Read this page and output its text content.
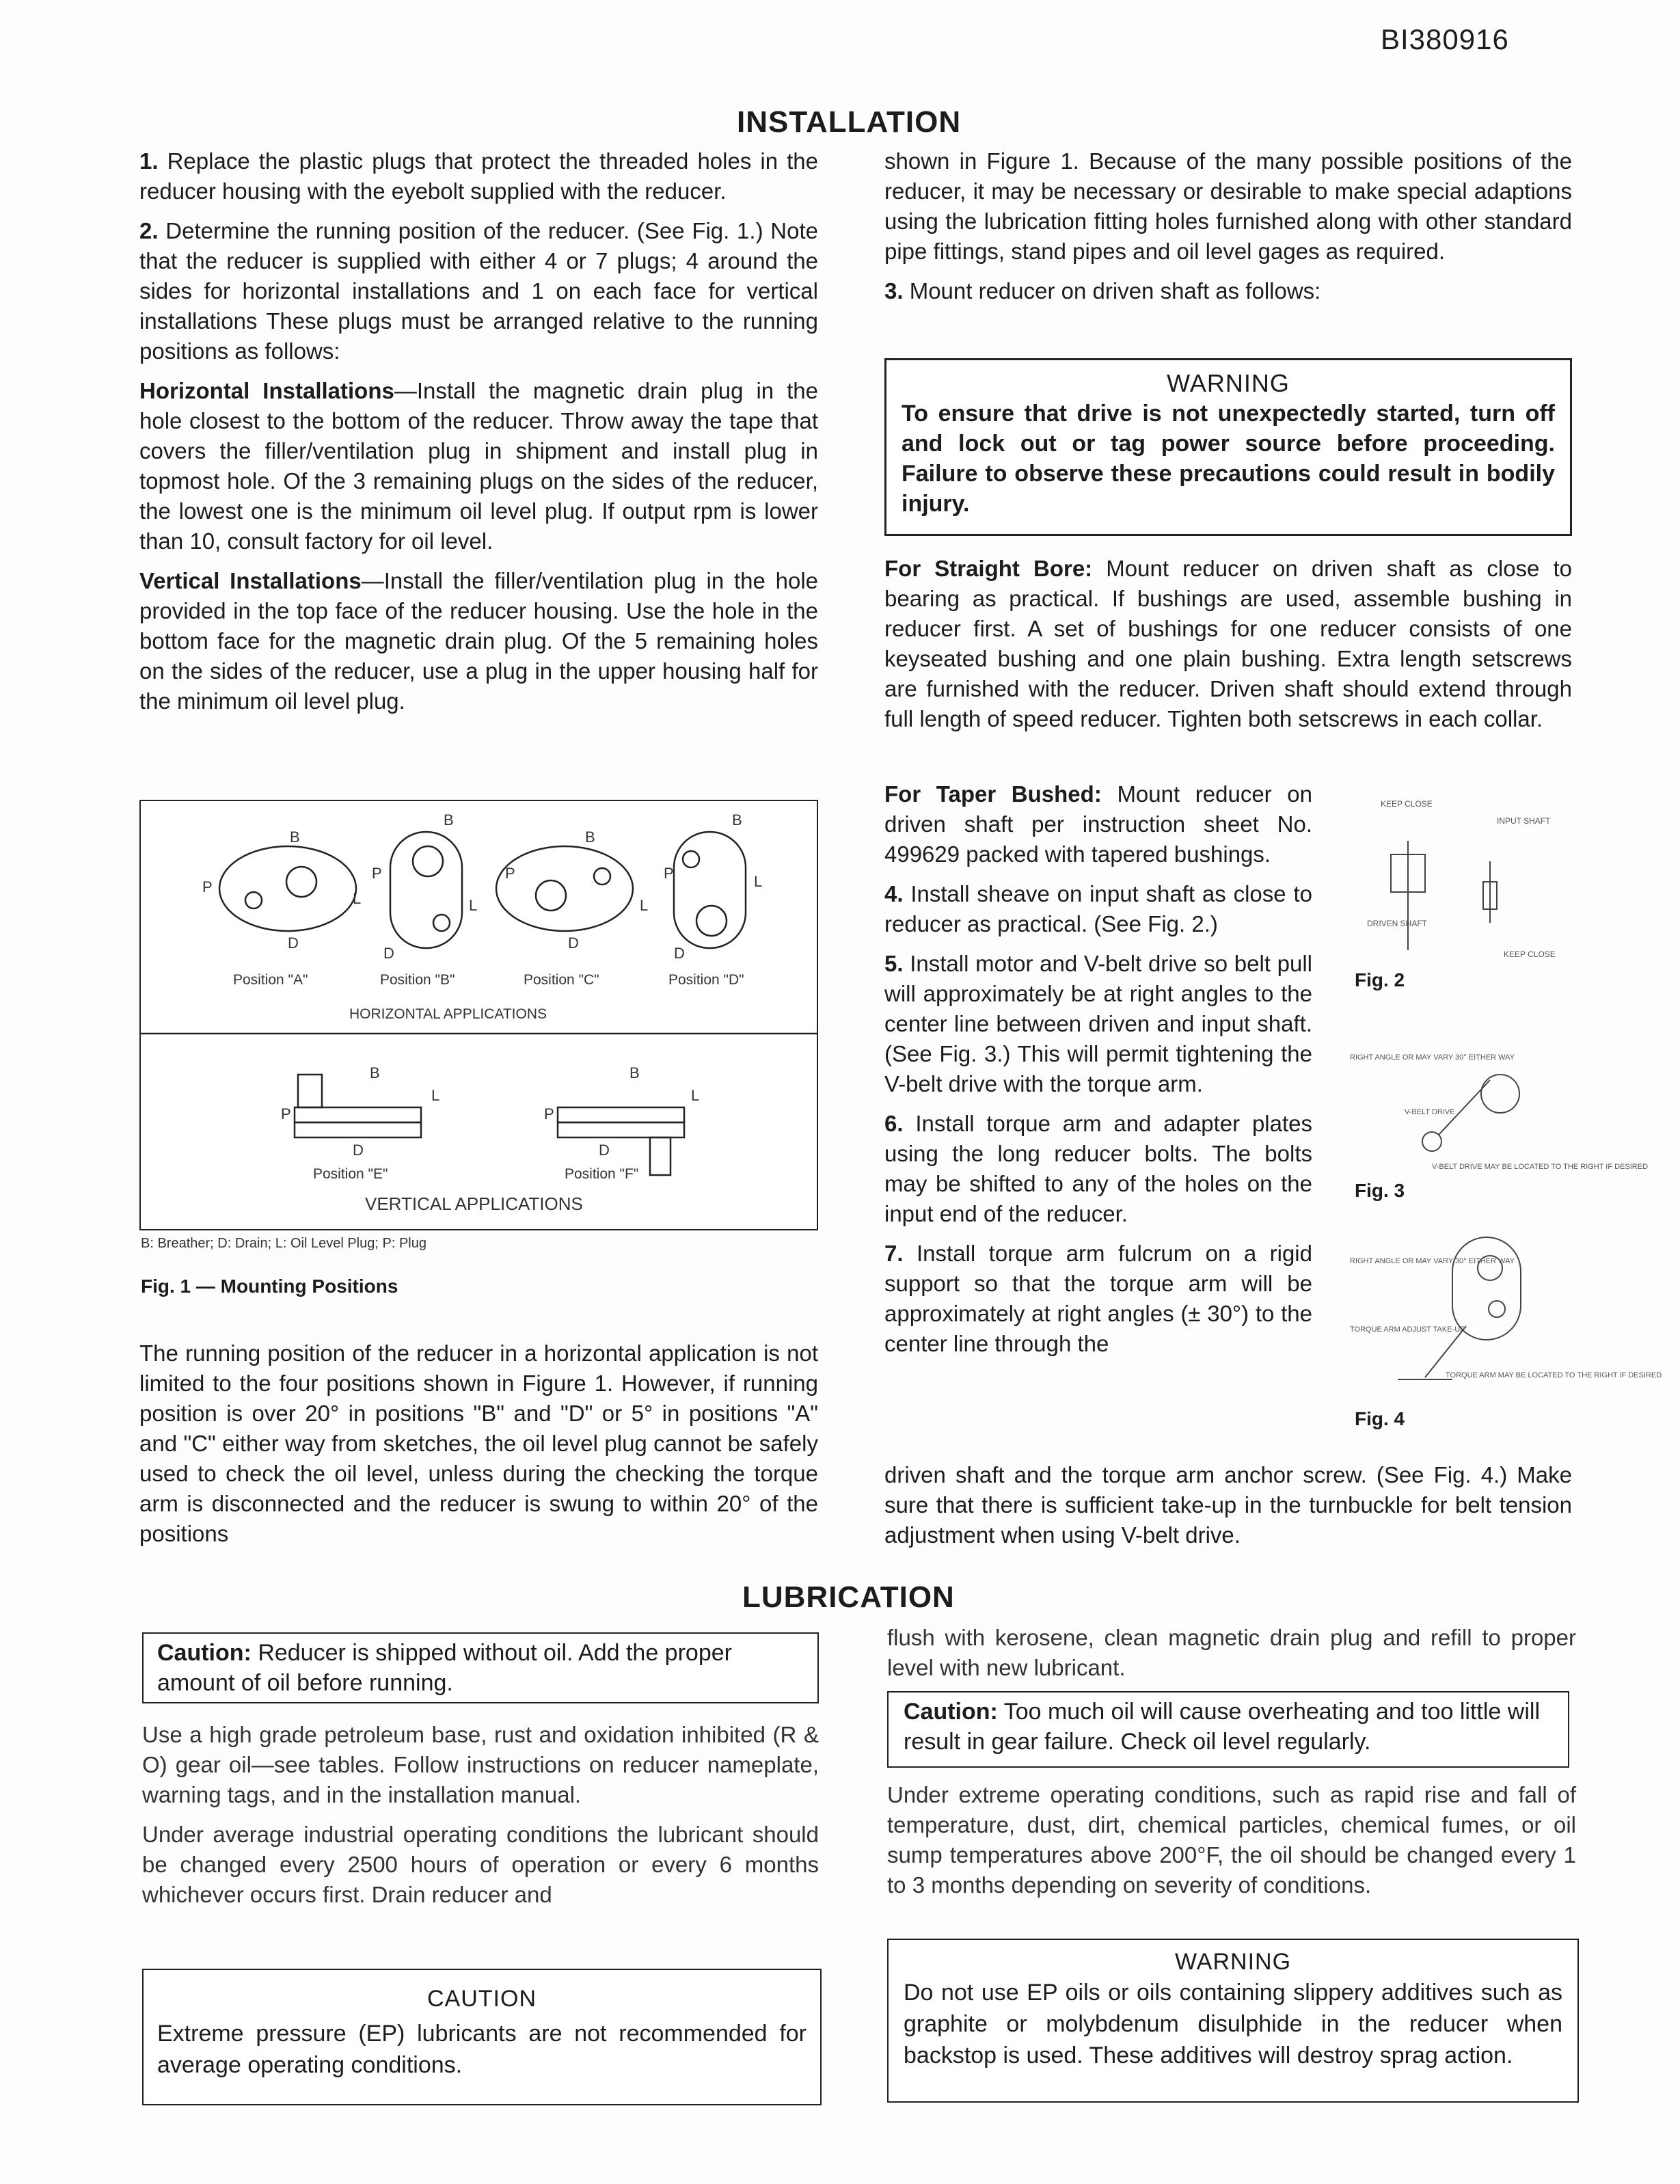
BI380916
INSTALLATION

1. Replace the plastic plugs that protect the threaded holes in the reducer housing with the eyebolt supplied with the reducer.

2. Determine the running position of the reducer. (See Fig. 1.) Note that the reducer is supplied with either 4 or 7 plugs; 4 around the sides for horizontal installations and 1 on each face for vertical installations These plugs must be arranged relative to the running positions as follows:

Horizontal Installations—Install the magnetic drain plug in the hole closest to the bottom of the reducer. Throw away the tape that covers the filler/ventilation plug in shipment and install plug in topmost hole. Of the 3 remaining plugs on the sides of the reducer, the lowest one is the minimum oil level plug. If output rpm is lower than 10, consult factory for oil level.

Vertical Installations—Install the filler/ventilation plug in the hole provided in the top face of the reducer housing. Use the hole in the bottom face for the magnetic drain plug. Of the 5 remaining holes on the sides of the reducer, use a plug in the upper housing half for the minimum oil level plug.

B
P
L
D
B
P
L
D
B
P
L
D
B
P	L
D
B
P
L
D
B
P
L
D
Position "A"	Position "B"	Position "C"	Position "D"
HORIZONTAL APPLICATIONS
Position "E"	Position "F"
VERTICAL APPLICATIONS
B: Breather; D: Drain; L: Oil Level Plug; P: Plug
Fig. 1 — Mounting Positions

The running position of the reducer in a horizontal application is not limited to the four positions shown in Figure 1. However, if running position is over 20° in positions "B" and "D" or 5° in positions "A" and "C" either way from sketches, the oil level plug cannot be safely used to check the oil level, unless during the checking the torque arm is disconnected and the reducer is swung to within 20° of the positions

shown in Figure 1. Because of the many possible positions of the reducer, it may be necessary or desirable to make special adaptions using the lubrication fitting holes furnished along with other standard pipe fittings, stand pipes and oil level gages as required.

3. Mount reducer on driven shaft as follows:

WARNING
To ensure that drive is not unexpectedly started, turn off and lock out or tag power source before proceeding. Failure to observe these precautions could result in bodily injury.

For Straight Bore: Mount reducer on driven shaft as close to bearing as practical. If bushings are used, assemble bushing in reducer first. A set of bushings for one reducer consists of one keyseated bushing and one plain bushing. Extra length setscrews are furnished with the reducer. Driven shaft should extend through full length of speed reducer. Tighten both setscrews in each collar.

For Taper Bushed: Mount reducer on driven shaft per instruction sheet No. 499629 packed with tapered bushings.

4. Install sheave on input shaft as close to reducer as practical. (See Fig. 2.)

5. Install motor and V-belt drive so belt pull will approximately be at right angles to the center line between driven and input shaft. (See Fig. 3.) This will permit tightening the V-belt drive with the torque arm.

6. Install torque arm and adapter plates using the long reducer bolts. The bolts may be shifted to any of the holes on the input end of the reducer.

7. Install torque arm fulcrum on a rigid support so that the torque arm will be approximately at right angles (± 30°) to the center line through the

driven shaft and the torque arm anchor screw. (See Fig. 4.) Make sure that there is sufficient take-up in the turnbuckle for belt tension adjustment when using V-belt drive.

KEEP CLOSE
INPUT SHAFT
DRIVEN SHAFT
KEEP CLOSE
Fig. 2
RIGHT ANGLE OR MAY VARY 30° EITHER WAY
V-BELT DRIVE
V-BELT DRIVE MAY BE LOCATED TO THE RIGHT IF DESIRED
Fig. 3
RIGHT ANGLE OR MAY VARY 30° EITHER WAY
TORQUE ARM ADJUST TAKE-UP
TORQUE ARM MAY BE LOCATED TO THE RIGHT IF DESIRED
Fig. 4
LUBRICATION
Caution: Reducer is shipped without oil. Add the proper amount of oil before running.

Use a high grade petroleum base, rust and oxidation inhibited (R & O) gear oil—see tables. Follow instructions on reducer nameplate, warning tags, and in the installation manual.

Under average industrial operating conditions the lubricant should be changed every 2500 hours of operation or every 6 months whichever occurs first. Drain reducer and

CAUTION
Extreme pressure (EP) lubricants are not recommended for average operating conditions.

flush with kerosene, clean magnetic drain plug and refill to proper level with new lubricant.

Caution: Too much oil will cause overheating and too little will result in gear failure. Check oil level regularly.

Under extreme operating conditions, such as rapid rise and fall of temperature, dust, dirt, chemical particles, chemical fumes, or oil sump temperatures above 200°F, the oil should be changed every 1 to 3 months depending on severity of conditions.

WARNING
Do not use EP oils or oils containing slippery additives such as graphite or molybdenum disulphide in the reducer when backstop is used. These additives will destroy sprag action.
